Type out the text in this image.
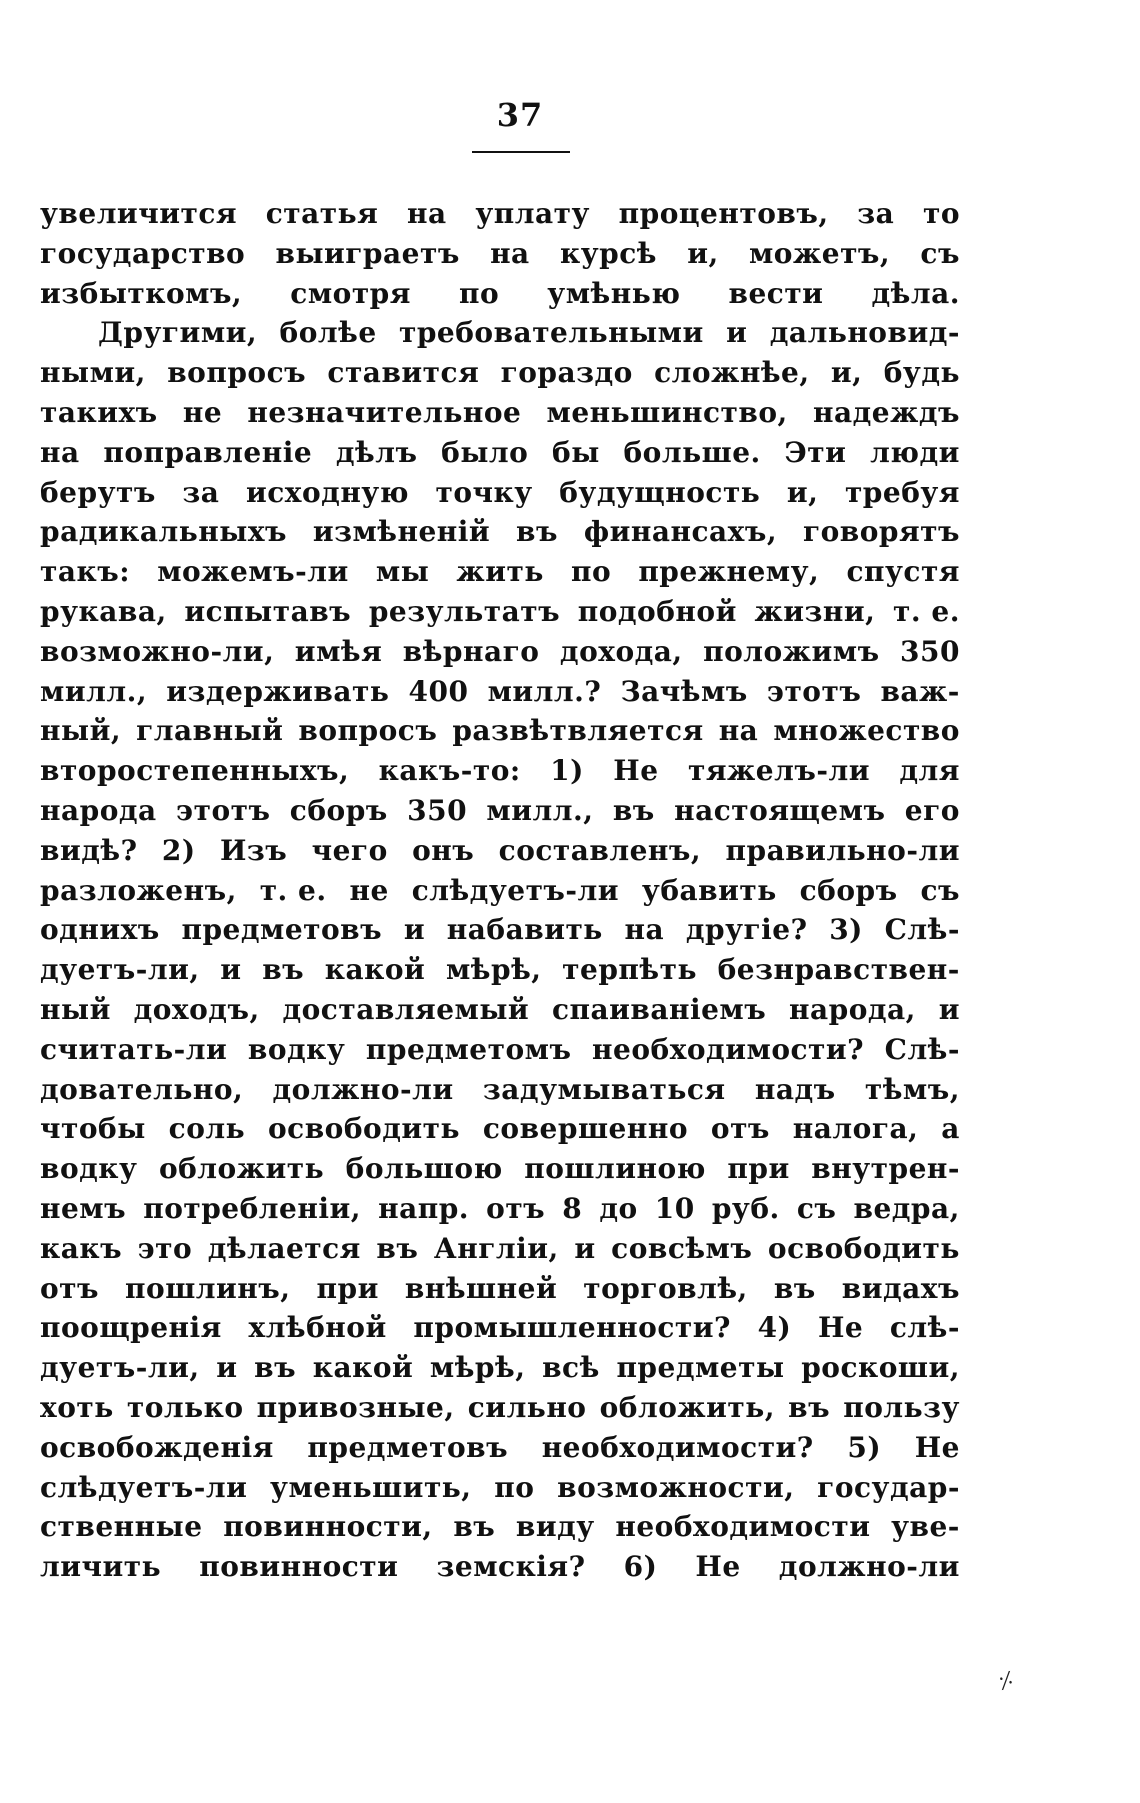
37
увеличится статья на уплату процентовъ, за то
государство выиграетъ на курсѣ и, можетъ, съ
избыткомъ, смотря по умѣнью вести дѣла.
Другими, болѣе требовательными и дальновид-
ными, вопросъ ставится гораздо сложнѣе, и, будь
такихъ не незначительное меньшинство, надеждъ
на поправленіе дѣлъ было бы больше. Эти люди
берутъ за исходную точку будущность и, требуя
радикальныхъ измѣненій въ финансахъ, говорятъ
такъ: можемъ-ли мы жить по прежнему, спустя
рукава, испытавъ результатъ подобной жизни, т. е.
возможно-ли, имѣя вѣрнаго дохода, положимъ 350
милл., издерживать 400 милл.? Зачѣмъ этотъ важ-
ный, главный вопросъ развѣтвляется на множество
второстепенныхъ, какъ-то: 1) Не тяжелъ-ли для
народа этотъ сборъ 350 милл., въ настоящемъ его
видѣ? 2) Изъ чего онъ составленъ, правильно-ли
разложенъ, т. е. не слѣдуетъ-ли убавить сборъ съ
однихъ предметовъ и набавить на другіе? 3) Слѣ-
дуетъ-ли, и въ какой мѣрѣ, терпѣть безнравствен-
ный доходъ, доставляемый спаиваніемъ народа, и
считать-ли водку предметомъ необходимости? Слѣ-
довательно, должно-ли задумываться надъ тѣмъ,
чтобы соль освободить совершенно отъ налога, а
водку обложить большою пошлиною при внутрен-
немъ потребленіи, напр. отъ 8 до 10 руб. съ ведра,
какъ это дѣлается въ Англіи, и совсѣмъ освободить
отъ пошлинъ, при внѣшней торговлѣ, въ видахъ
поощренія хлѣбной промышленности? 4) Не слѣ-
дуетъ-ли, и въ какой мѣрѣ, всѣ предметы роскоши,
хоть только привозные, сильно обложить, въ пользу
освобожденія предметовъ необходимости? 5) Не
слѣдуетъ-ли уменьшить, по возможности, государ-
ственные повинности, въ виду необходимости уве-
личить повинности земскія? 6) Не должно-ли
⸓
